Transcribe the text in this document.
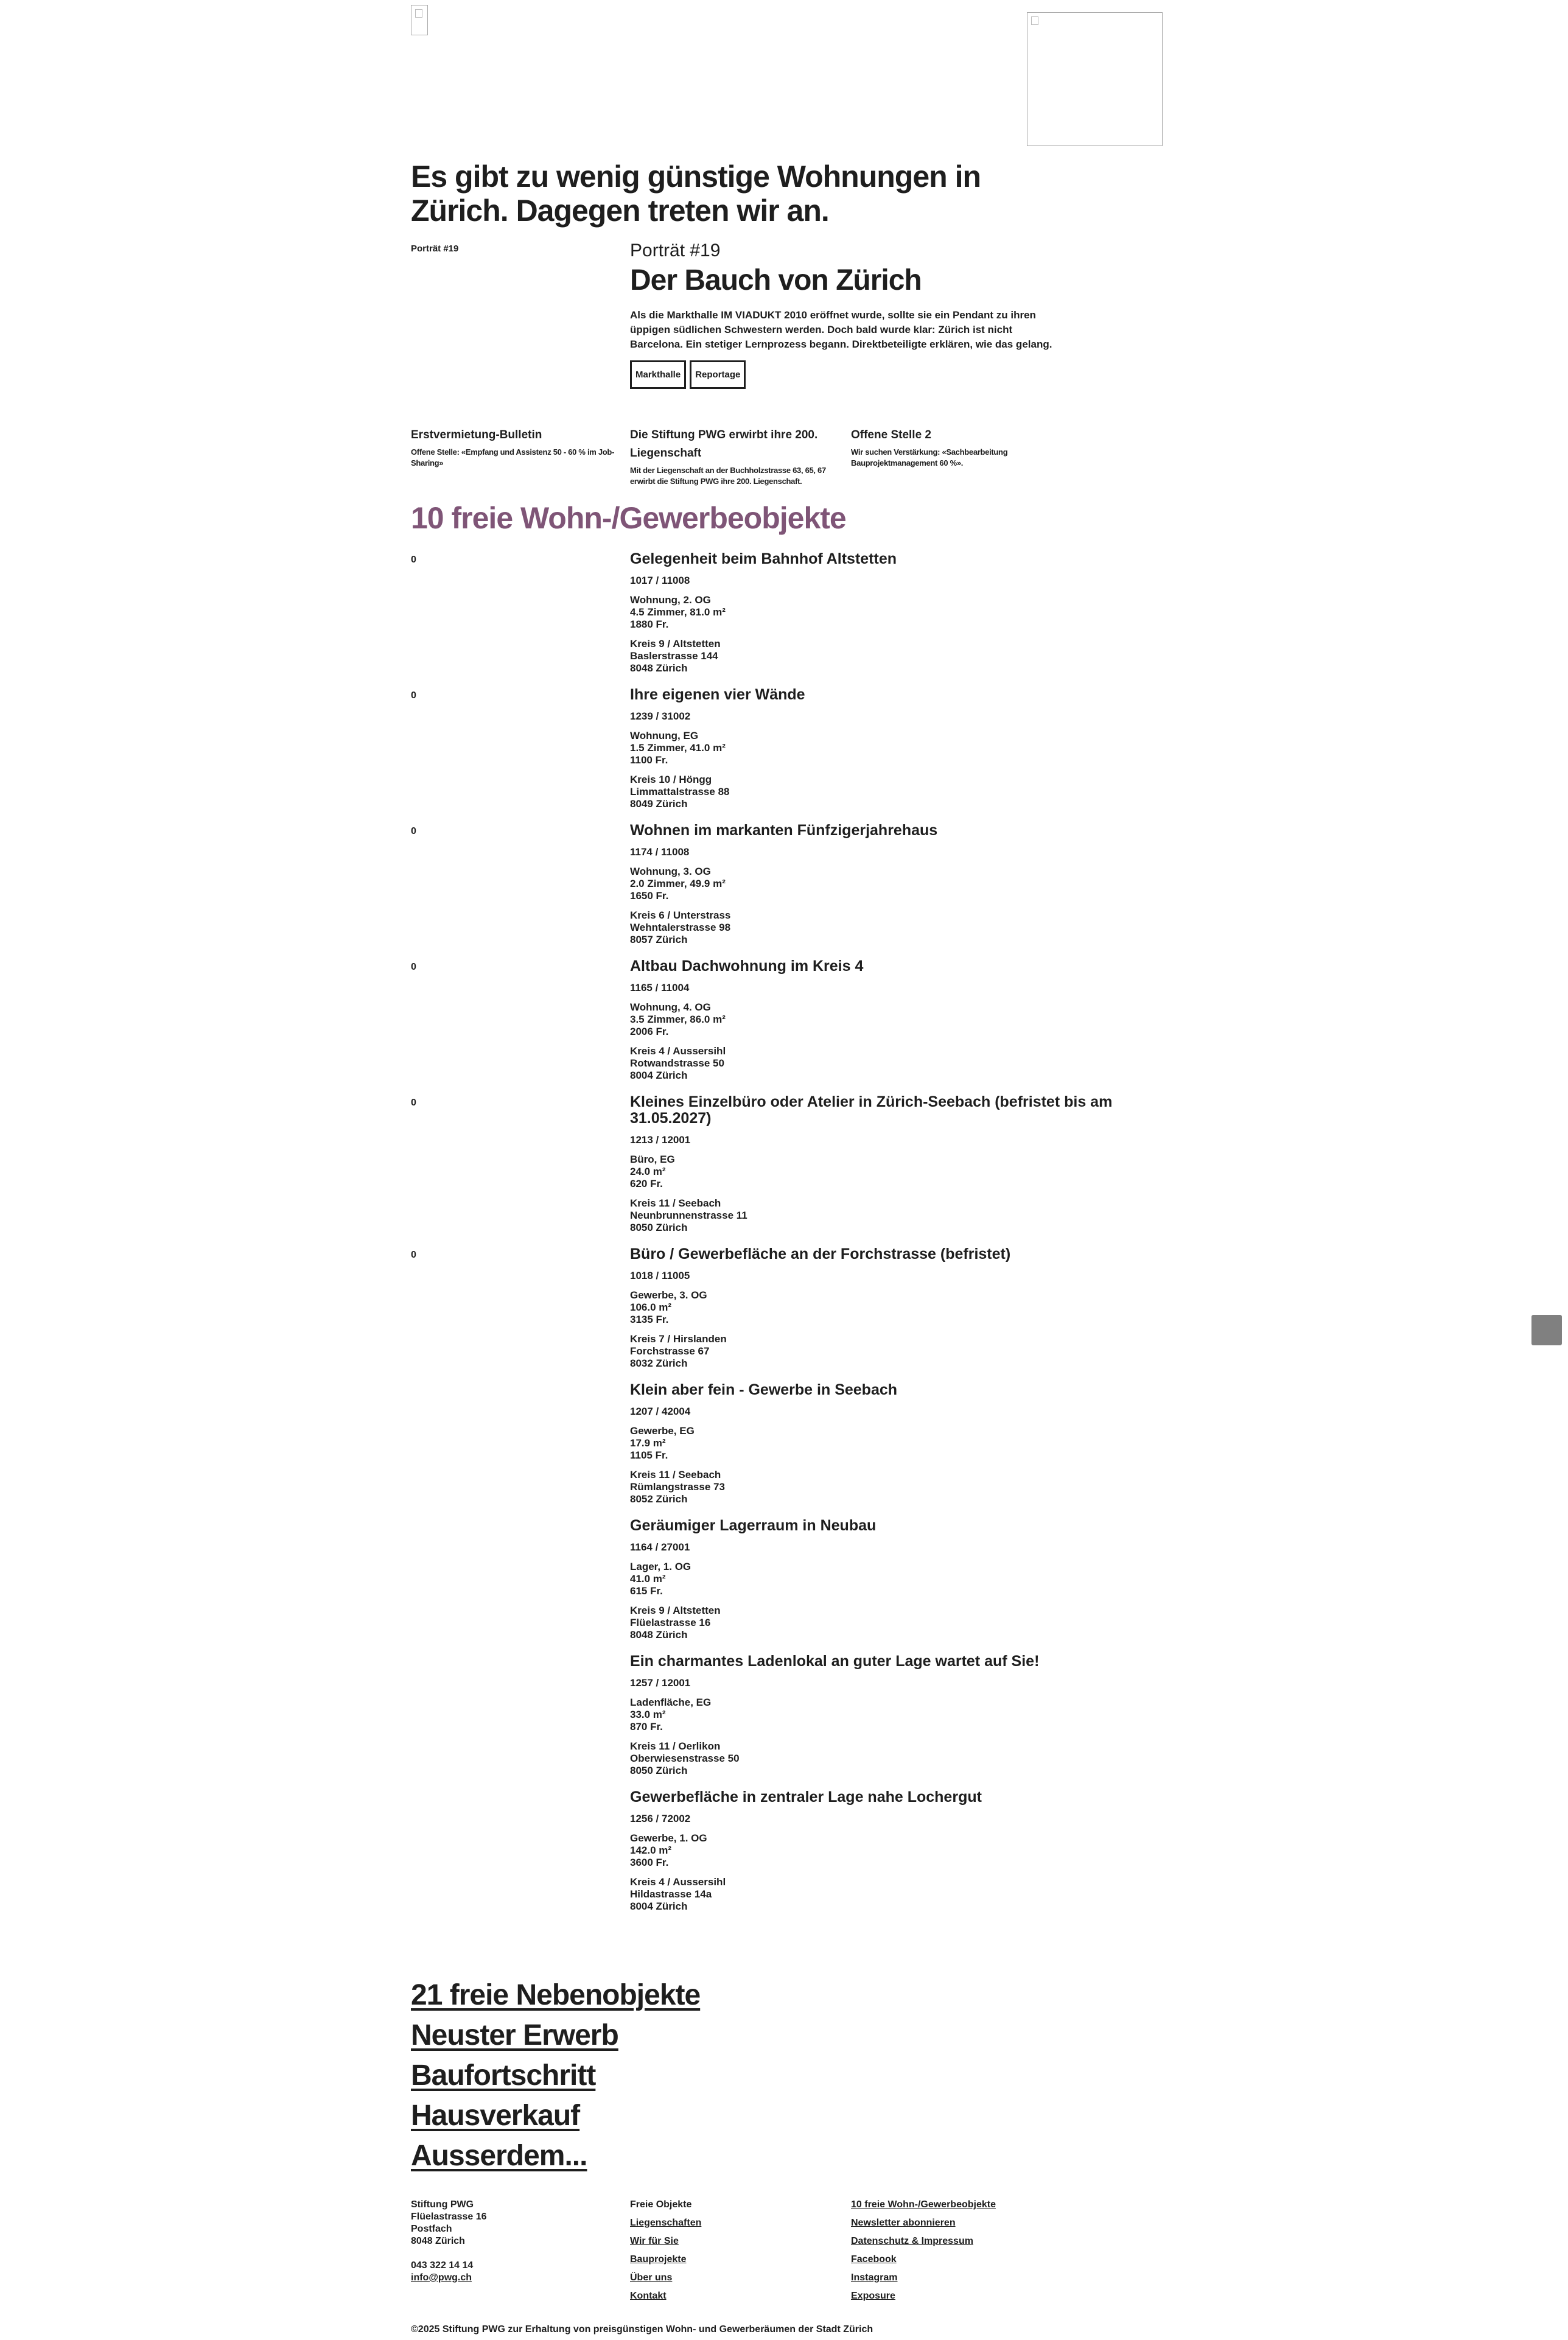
Es gibt zu wenig günstige Wohnungen in Zürich. Dagegen treten wir an.
Porträt #19	Porträt #19
Der Bauch von Zürich

Als die Markthalle IM VIADUKT 2010 eröffnet wurde, sollte sie ein Pendant zu ihren üppigen südlichen Schwestern werden. Doch bald wurde klar: Zürich ist nicht Barcelona. Ein stetiger Lernprozess begann. Direktbeteiligte erklären, wie das gelang.

Markthalle Reportage
Erstvermietung-Bulletin

Offene Stelle: «Empfang und Assistenz 50 - 60 % im Job-Sharing»

Die Stiftung PWG erwirbt ihre 200. Liegenschaft

Mit der Liegenschaft an der Buchholzstrasse 63, 65, 67 erwirbt die Stiftung PWG ihre 200. Liegenschaft.

Offene Stelle 2

Wir suchen Verstärkung: «Sachbearbeitung Bauprojektmanagement 60 %».

10 freie Wohn-/Gewerbeobjekte
0	Gelegenheit beim Bahnhof Altstetten
1017 / 11008
Wohnung, 2. OG
4.5 Zimmer, 81.0 m²
1880 Fr.
Kreis 9 / Altstetten
Baslerstrasse 144
8048 Zürich
0	Ihre eigenen vier Wände
1239 / 31002
Wohnung, EG
1.5 Zimmer, 41.0 m²
1100 Fr.
Kreis 10 / Höngg
Limmattalstrasse 88
8049 Zürich
0	Wohnen im markanten Fünfzigerjahrehaus
1174 / 11008
Wohnung, 3. OG
2.0 Zimmer, 49.9 m²
1650 Fr.
Kreis 6 / Unterstrass
Wehntalerstrasse 98
8057 Zürich
0	Altbau Dachwohnung im Kreis 4
1165 / 11004
Wohnung, 4. OG
3.5 Zimmer, 86.0 m²
2006 Fr.
Kreis 4 / Aussersihl
Rotwandstrasse 50
8004 Zürich
0	Kleines Einzelbüro oder Atelier in Zürich-Seebach (befristet bis am 31.05.2027)
1213 / 12001
Büro, EG
24.0 m²
620 Fr.
Kreis 11 / Seebach
Neunbrunnenstrasse 11
8050 Zürich
0	Büro / Gewerbefläche an der Forchstrasse (befristet)
1018 / 11005
Gewerbe, 3. OG
106.0 m²
3135 Fr.
Kreis 7 / Hirslanden
Forchstrasse 67
8032 Zürich
Klein aber fein - Gewerbe in Seebach
1207 / 42004
Gewerbe, EG
17.9 m²
1105 Fr.
Kreis 11 / Seebach
Rümlangstrasse 73
8052 Zürich
Geräumiger Lagerraum in Neubau
1164 / 27001
Lager, 1. OG
41.0 m²
615 Fr.
Kreis 9 / Altstetten
Flüelastrasse 16
8048 Zürich
Ein charmantes Ladenlokal an guter Lage wartet auf Sie!
1257 / 12001
Ladenfläche, EG
33.0 m²
870 Fr.
Kreis 11 / Oerlikon
Oberwiesenstrasse 50
8050 Zürich
Gewerbefläche in zentraler Lage nahe Lochergut
1256 / 72002
Gewerbe, 1. OG
142.0 m²
3600 Fr.
Kreis 4 / Aussersihl
Hildastrasse 14a
8004 Zürich
21 freie Nebenobjekte
Neuster Erwerb
Baufortschritt
Hausverkauf
Ausserdem...
Stiftung PWG
Flüelastrasse 16
Postfach
8048 Zürich
043 322 14 14
info@pwg.ch
Freie Objekte
Liegenschaften
Wir für Sie
Bauprojekte
Über uns
Kontakt
10 freie Wohn-/Gewerbeobjekte
Newsletter abonnieren
Datenschutz & Impressum
Facebook
Instagram
Exposure
©2025 Stiftung PWG zur Erhaltung von preisgünstigen Wohn- und Gewerberäumen der Stadt Zürich
